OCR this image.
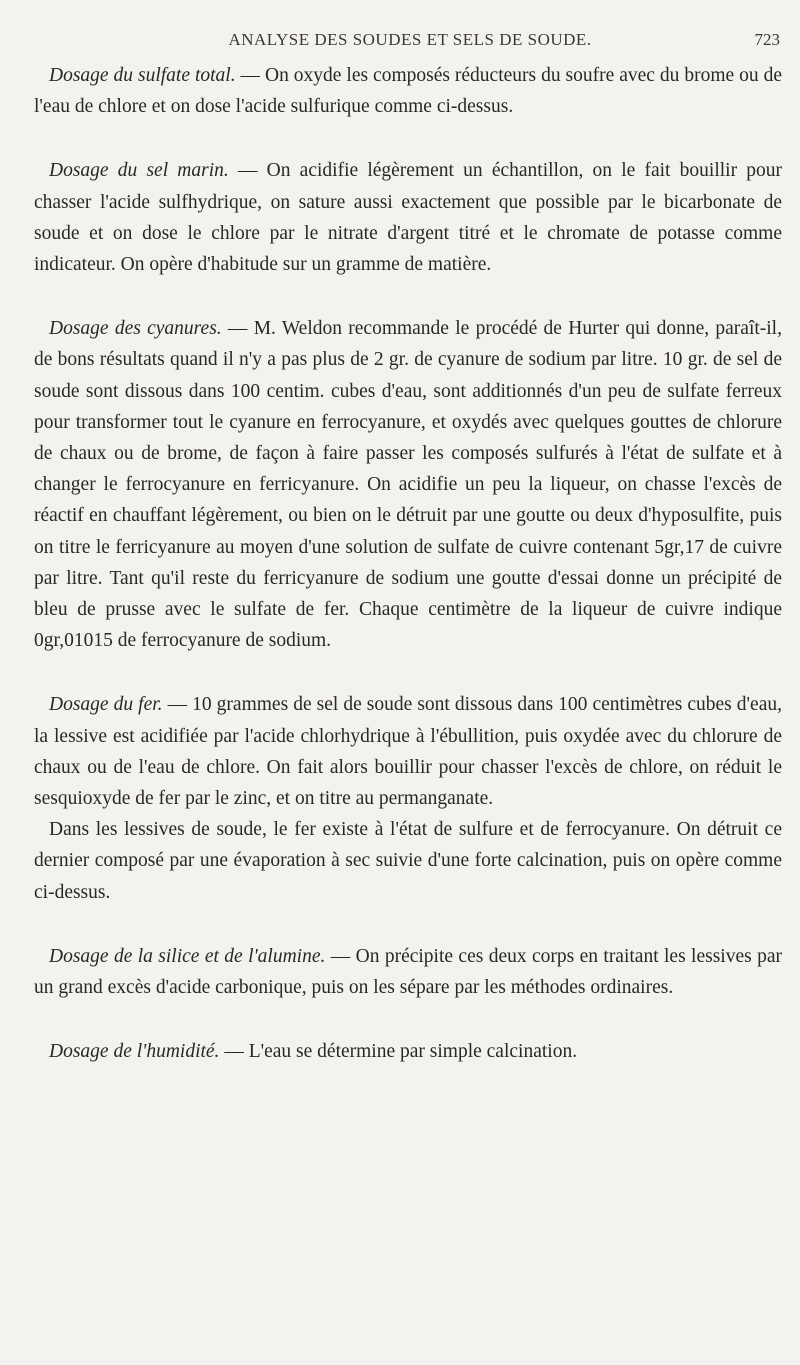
ANALYSE DES SOUDES ET SELS DE SOUDE.	723

Dosage du sulfate total. — On oxyde les composés réducteurs du soufre avec du brome ou de l'eau de chlore et on dose l'acide sulfurique comme ci-dessus.

Dosage du sel marin. — On acidifie légèrement un échantillon, on le fait bouillir pour chasser l'acide sulfhydrique, on sature aussi exactement que possible par le bicarbonate de soude et on dose le chlore par le nitrate d'argent titré et le chromate de potasse comme indicateur. On opère d'habitude sur un gramme de matière.

Dosage des cyanures. — M. Weldon recommande le procédé de Hurter qui donne, paraît-il, de bons résultats quand il n'y a pas plus de 2 gr. de cyanure de sodium par litre. 10 gr. de sel de soude sont dissous dans 100 centim. cubes d'eau, sont additionnés d'un peu de sulfate ferreux pour transformer tout le cyanure en ferrocyanure, et oxydés avec quelques gouttes de chlorure de chaux ou de brome, de façon à faire passer les composés sulfurés à l'état de sulfate et à changer le ferrocyanure en ferricyanure. On acidifie un peu la liqueur, on chasse l'excès de réactif en chauffant légèrement, ou bien on le détruit par une goutte ou deux d'hyposulfite, puis on titre le ferricyanure au moyen d'une solution de sulfate de cuivre contenant 5gr,17 de cuivre par litre. Tant qu'il reste du ferricyanure de sodium une goutte d'essai donne un précipité de bleu de prusse avec le sulfate de fer. Chaque centimètre de la liqueur de cuivre indique 0gr,01015 de ferrocyanure de sodium.

Dosage du fer. — 10 grammes de sel de soude sont dissous dans 100 centimètres cubes d'eau, la lessive est acidifiée par l'acide chlorhydrique à l'ébullition, puis oxydée avec du chlorure de chaux ou de l'eau de chlore. On fait alors bouillir pour chasser l'excès de chlore, on réduit le sesquioxyde de fer par le zinc, et on titre au permanganate.

Dans les lessives de soude, le fer existe à l'état de sulfure et de ferrocyanure. On détruit ce dernier composé par une évaporation à sec suivie d'une forte calcination, puis on opère comme ci-dessus.

Dosage de la silice et de l'alumine. — On précipite ces deux corps en traitant les lessives par un grand excès d'acide carbonique, puis on les sépare par les méthodes ordinaires.

Dosage de l'humidité. — L'eau se détermine par simple calcination.
